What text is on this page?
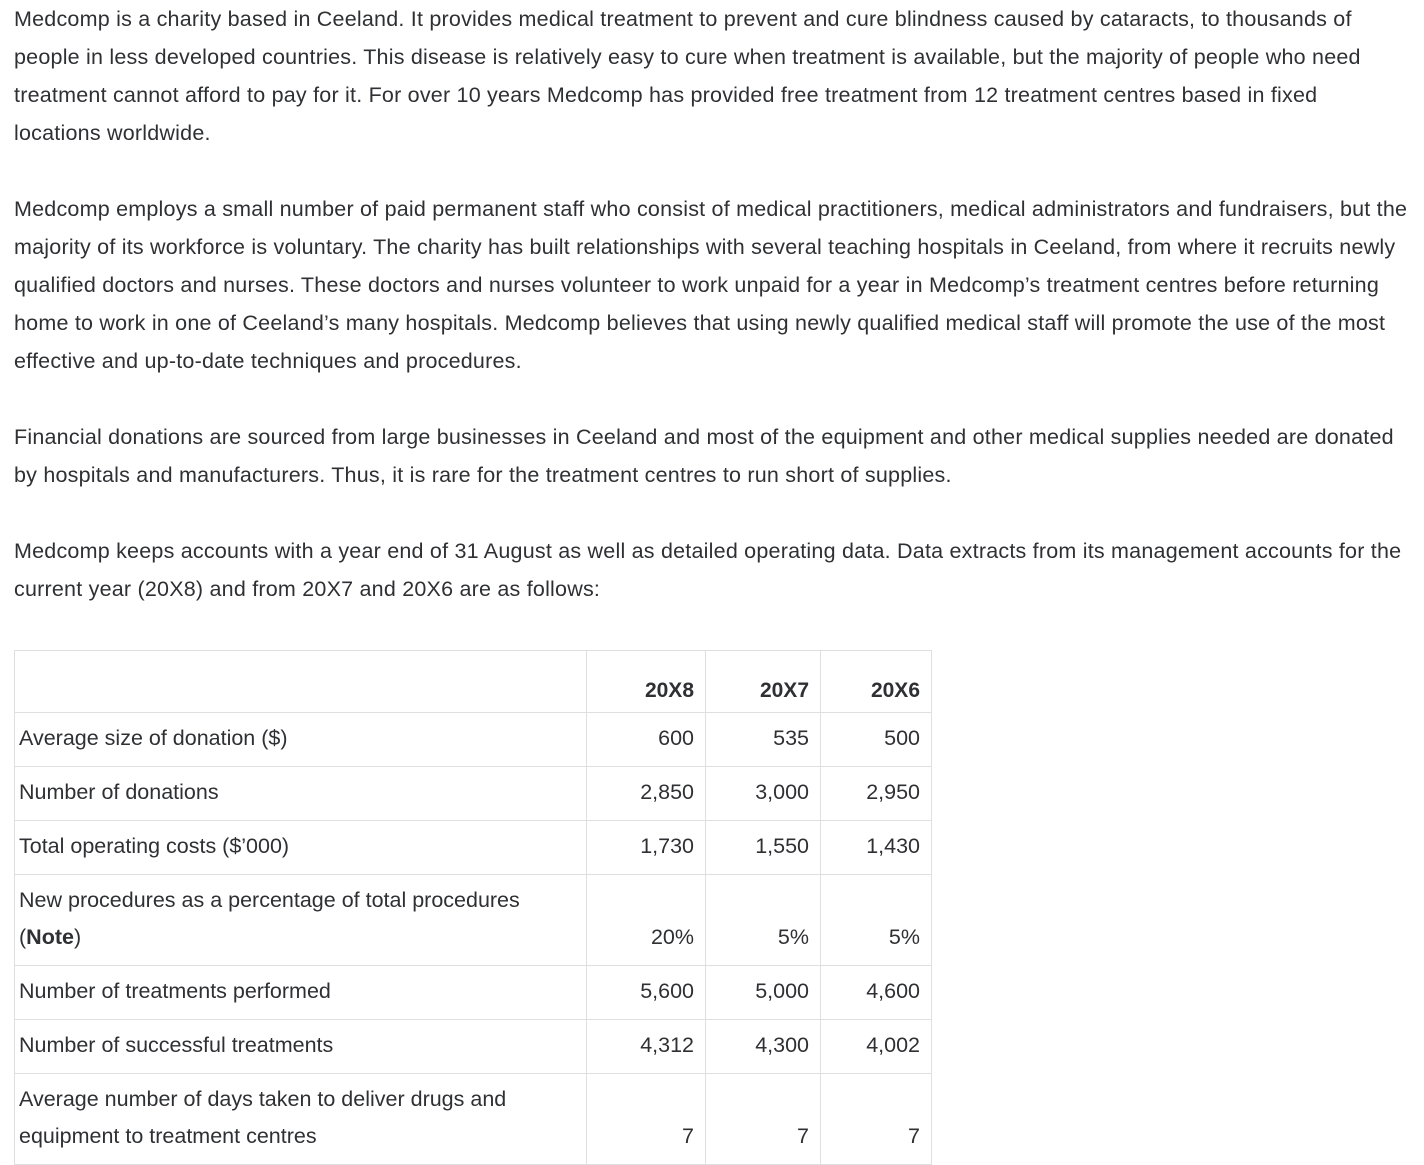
Medcomp is a charity based in Ceeland. It provides medical treatment to prevent and cure blindness caused by cataracts, to thousands of people in less developed countries. This disease is relatively easy to cure when treatment is available, but the majority of people who need treatment cannot afford to pay for it. For over 10 years Medcomp has provided free treatment from 12 treatment centres based in fixed locations worldwide.

Medcomp employs a small number of paid permanent staff who consist of medical practitioners, medical administrators and fundraisers, but the majority of its workforce is voluntary. The charity has built relationships with several teaching hospitals in Ceeland, from where it recruits newly qualified doctors and nurses. These doctors and nurses volunteer to work unpaid for a year in Medcomp’s treatment centres before returning home to work in one of Ceeland’s many hospitals. Medcomp believes that using newly qualified medical staff will promote the use of the most effective and up-to-date techniques and procedures.

Financial donations are sourced from large businesses in Ceeland and most of the equipment and other medical supplies needed are donated by hospitals and manufacturers. Thus, it is rare for the treatment centres to run short of supplies.

Medcomp keeps accounts with a year end of 31 August as well as detailed operating data. Data extracts from its management accounts for the current year (20X8) and from 20X7 and 20X6 are as follows:

	20X8	20X7	20X6
Average size of donation ($)	600	535	500
Number of donations	2,850	3,000	2,950
Total operating costs ($’000)	1,730	1,550	1,430
New procedures as a percentage of total procedures (Note)	20%	5%	5%
Number of treatments performed	5,600	5,000	4,600
Number of successful treatments	4,312	4,300	4,002
Average number of days taken to deliver drugs and equipment to treatment centres	7	7	7
